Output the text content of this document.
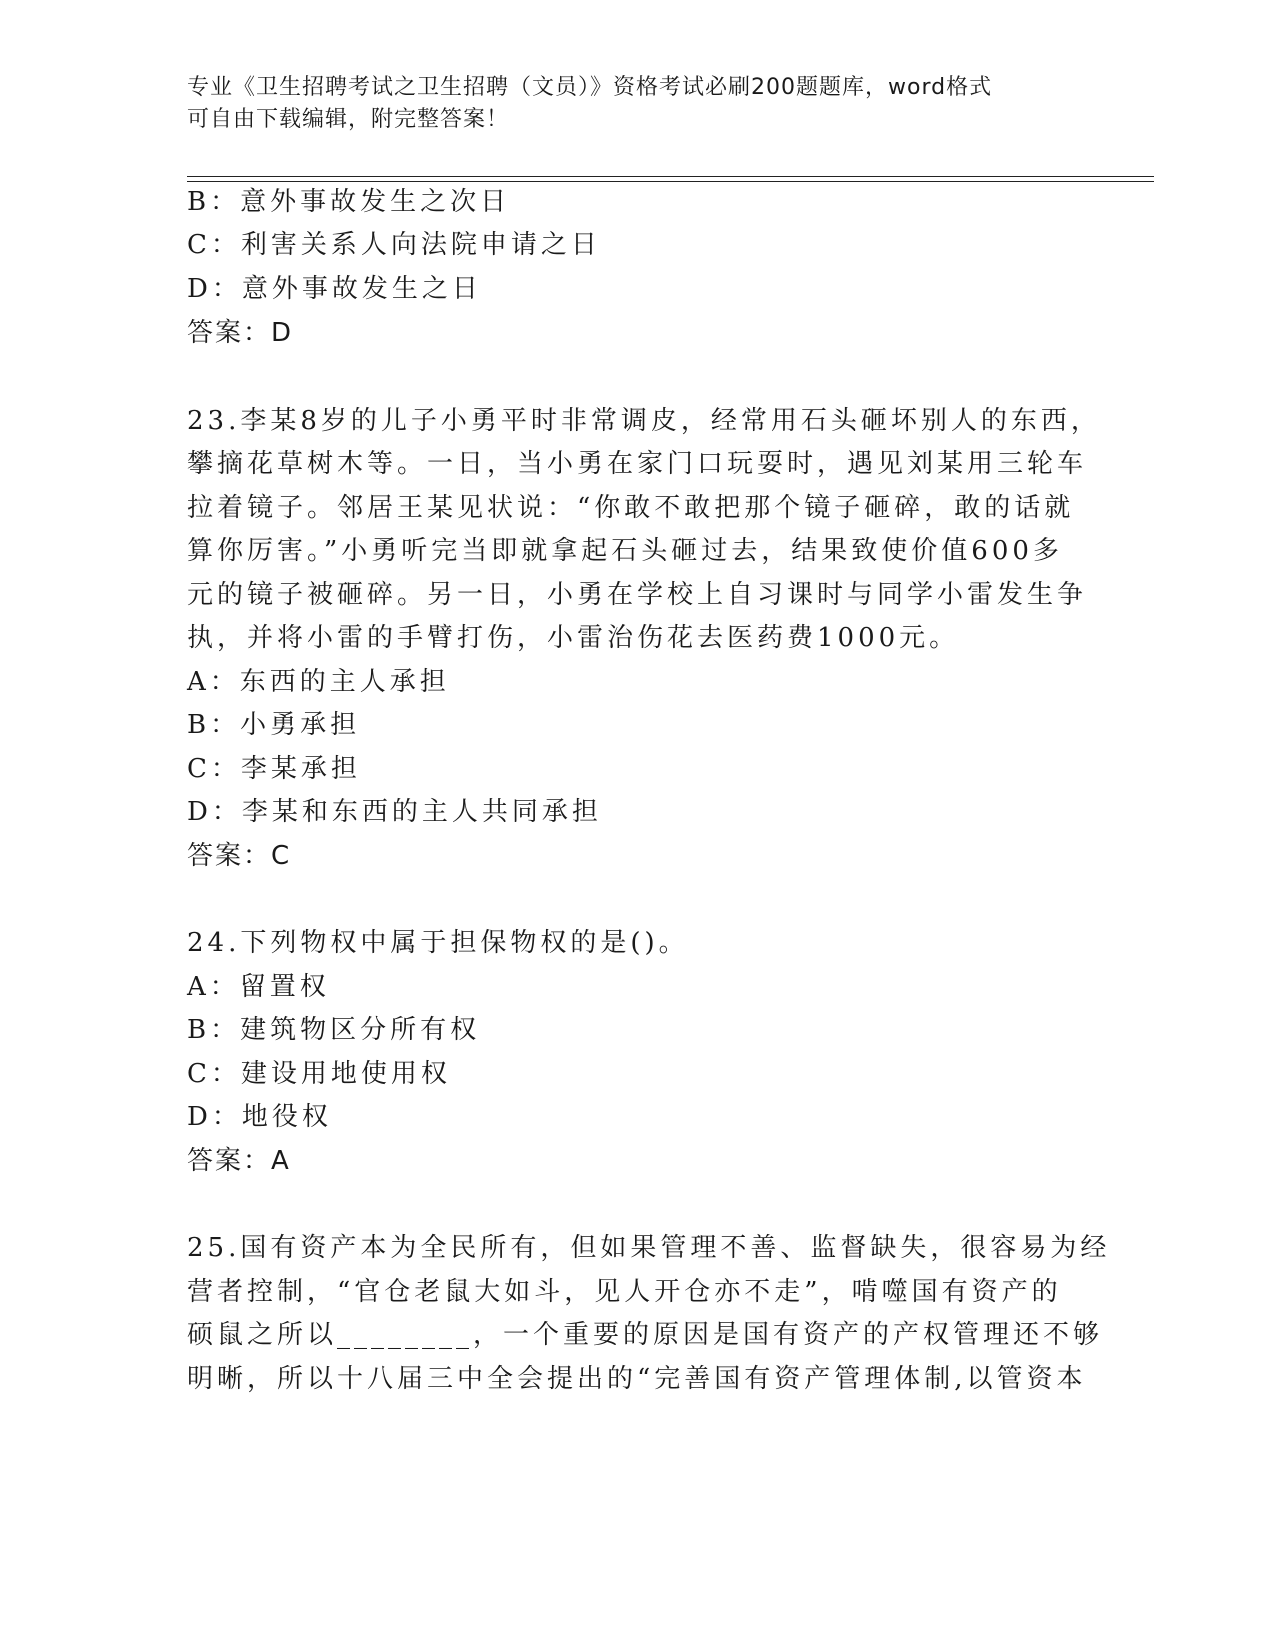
专业《卫生招聘考试之卫生招聘（文员）》资格考试必刷200题题库，word格式
可自由下载编辑，附完整答案！
B：意外事故发生之次日
C：利害关系人向法院申请之日
D：意外事故发生之日
答案：D
23.李某8岁的儿子小勇平时非常调皮，经常用石头砸坏别人的东西，
攀摘花草树木等。一日，当小勇在家门口玩耍时，遇见刘某用三轮车
拉着镜子。邻居王某见状说：“你敢不敢把那个镜子砸碎，敢的话就
算你厉害。”小勇听完当即就拿起石头砸过去，结果致使价值600多
元的镜子被砸碎。另一日，小勇在学校上自习课时与同学小雷发生争
执，并将小雷的手臂打伤，小雷治伤花去医药费1000元。
A：东西的主人承担
B：小勇承担
C：李某承担
D：李某和东西的主人共同承担
答案：C
24.下列物权中属于担保物权的是()。
A：留置权
B：建筑物区分所有权
C：建设用地使用权
D：地役权
答案：A
25.国有资产本为全民所有，但如果管理不善、监督缺失，很容易为经
营者控制，“官仓老鼠大如斗，见人开仓亦不走”，啃噬国有资产的
硕鼠之所以________，一个重要的原因是国有资产的产权管理还不够
明晰，所以十八届三中全会提出的“完善国有资产管理体制,以管资本
